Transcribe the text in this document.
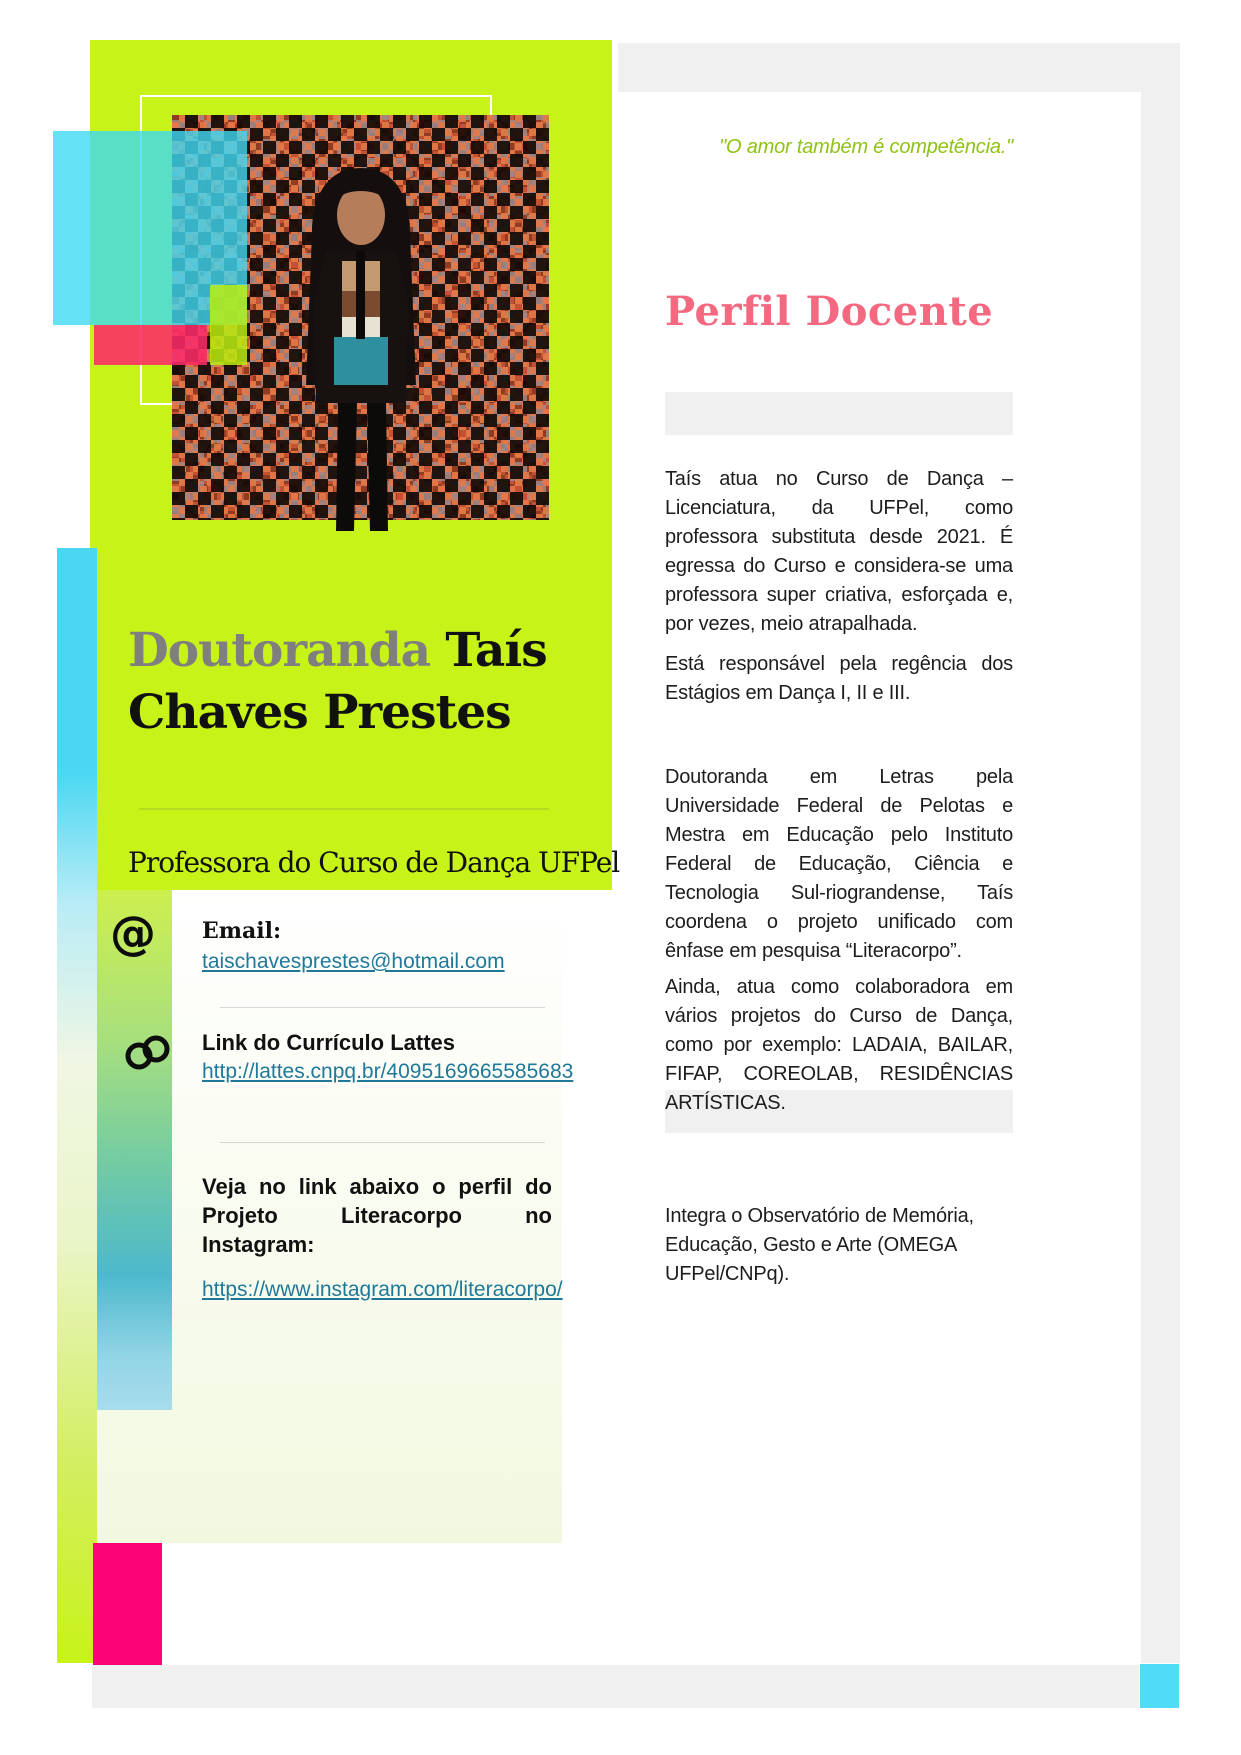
Doutoranda Taís
Chaves Prestes
Professora do Curso de Dança UFPel
@ Email:
taischavesprestes@hotmail.com
Link do Currículo Lattes
http://lattes.cnpq.br/4095169665585683
Veja no link abaixo o perfil do Projeto Literacorpo no Instagram:
https://www.instagram.com/literacorpo/
"O amor também é competência."
Perfil Docente

Taís atua no Curso de Dança – Licenciatura, da UFPel, como professora substituta desde 2021. É egressa do Curso e considera-se uma professora super criativa, esforçada e, por vezes, meio atrapalhada.

Está responsável pela regência dos Estágios em Dança I, II e III.

Doutoranda em Letras pela Universidade Federal de Pelotas e Mestra em Educação pelo Instituto Federal de Educação, Ciência e Tecnologia Sul-riograndense, Taís coordena o projeto unificado com ênfase em pesquisa “Literacorpo”.

Ainda, atua como colaboradora em vários projetos do Curso de Dança, como por exemplo: LADAIA, BAILAR, FIFAP, COREOLAB, RESIDÊNCIAS ARTÍSTICAS.

Integra o Observatório de Memória, Educação, Gesto e Arte (OMEGA UFPel/CNPq).
